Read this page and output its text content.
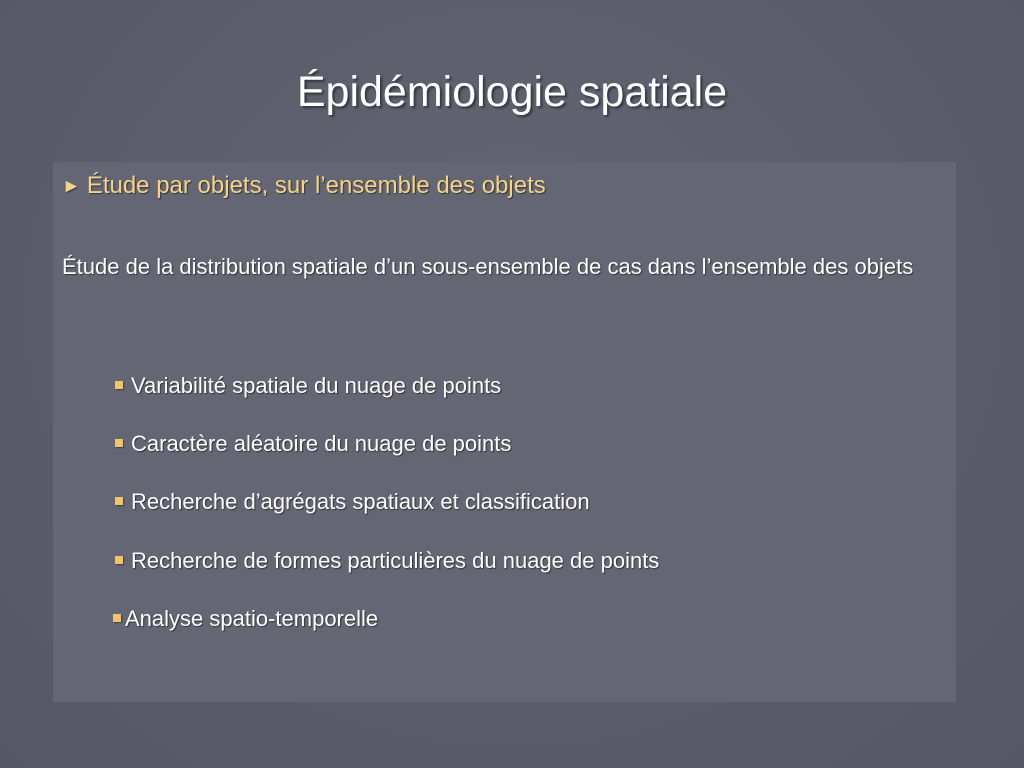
Épidémiologie spatiale
► Étude par objets, sur l’ensemble des objets

Étude de la distribution spatiale d’un sous-ensemble de cas dans l’ensemble des objets

Variabilité spatiale du nuage de points
Caractère aléatoire du nuage de points
Recherche d’agrégats spatiaux et classification
Recherche de formes particulières du nuage de points
Analyse spatio-temporelle
